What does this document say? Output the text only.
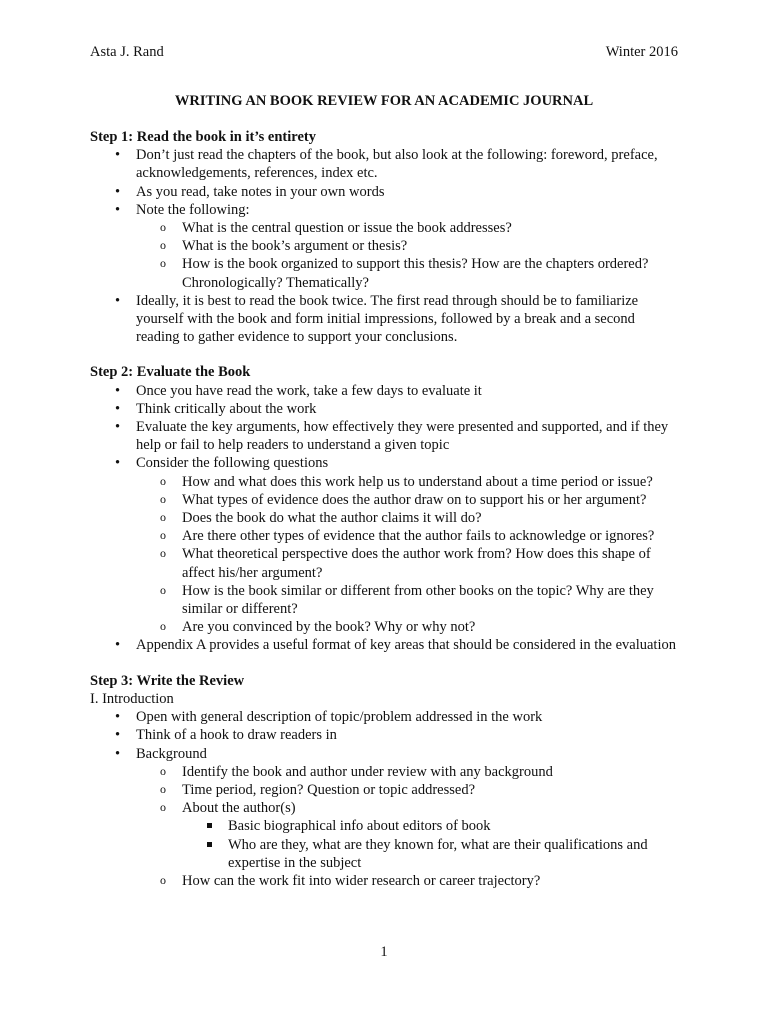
Asta J. Rand	Winter 2016
WRITING AN BOOK REVIEW FOR AN ACADEMIC JOURNAL

Step 1: Read the book in it’s entirety

• Don’t just read the chapters of the book, but also look at the following: foreword, preface, acknowledgements, references, index etc.
• As you read, take notes in your own words
• Note the following:
o What is the central question or issue the book addresses?
o What is the book’s argument or thesis?
o How is the book organized to support this thesis? How are the chapters ordered? Chronologically? Thematically?
• Ideally, it is best to read the book twice. The first read through should be to familiarize yourself with the book and form initial impressions, followed by a break and a second reading to gather evidence to support your conclusions.

Step 2: Evaluate the Book

• Once you have read the work, take a few days to evaluate it
• Think critically about the work
• Evaluate the key arguments, how effectively they were presented and supported, and if they help or fail to help readers to understand a given topic
• Consider the following questions
o How and what does this work help us to understand about a time period or issue?
o What types of evidence does the author draw on to support his or her argument?
o Does the book do what the author claims it will do?
o Are there other types of evidence that the author fails to acknowledge or ignores?
o What theoretical perspective does the author work from? How does this shape of affect his/her argument?
o How is the book similar or different from other books on the topic? Why are they similar or different?
o Are you convinced by the book? Why or why not?
• Appendix A provides a useful format of key areas that should be considered in the evaluation

Step 3: Write the Review

I. Introduction

• Open with general description of topic/problem addressed in the work
• Think of a hook to draw readers in
• Background
o Identify the book and author under review with any background
o Time period, region? Question or topic addressed?
o About the author(s)
Basic biographical info about editors of book
Who are they, what are they known for, what are their qualifications and expertise in the subject
o How can the work fit into wider research or career trajectory?
1
